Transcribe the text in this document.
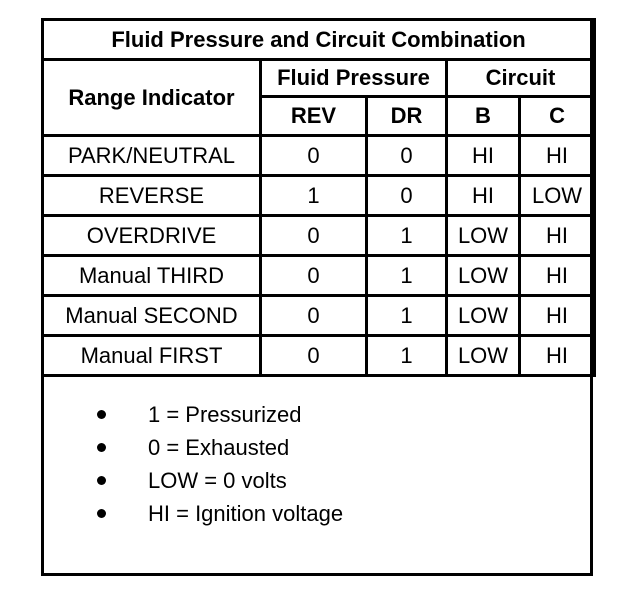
Fluid Pressure and Circuit Combination				
Range Indicator	Fluid Pressure		Circuit	
	REV	DR	B	C
PARK/NEUTRAL	0	0	HI	HI
REVERSE	1	0	HI	LOW
OVERDRIVE	0	1	LOW	HI
Manual THIRD	0	1	LOW	HI
Manual SECOND	0	1	LOW	HI
Manual FIRST	0	1	LOW	HI
1 = Pressurized
0 = Exhausted
LOW = 0 volts
HI = Ignition voltage
